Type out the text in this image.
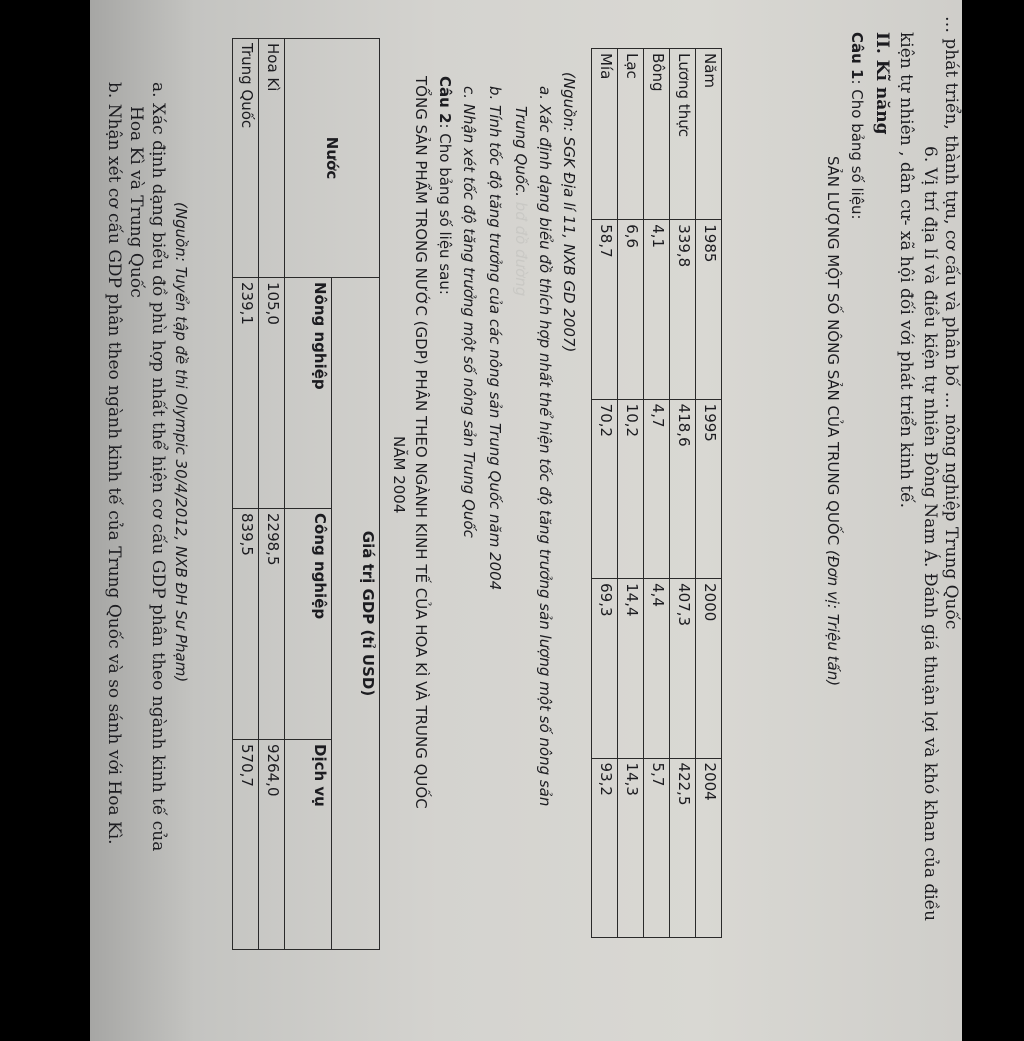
… phát triển, thành tựu, cơ cấu và phân bố … nông nghiệp Trung Quốc
6. Vị trí địa lí và điều kiện tự nhiên Đông Nam Á. Đánh giá thuận lợi và khó khan của điều
kiện tự nhiên , dân cư- xã hội đối với phát triển kinh tế.
II. Kĩ năng
Câu 1: Cho bảng số liệu:
SẢN LƯỢNG MỘT SỐ NÔNG SẢN CỦA TRUNG QUỐC (Đơn vị: Triệu tấn)
Năm	1985	1995	2000	2004
Lương thực	339,8	418,6	407,3	422,5
Bông	4,1	4,7	4,4	5,7
Lạc	6,6	10,2	14,4	14,3
Mía	58,7	70,2	69,3	93,2
(Nguồn: SGK Địa lí 11, NXB GD 2007)
a. Xác định dạng biểu đồ thích hợp nhất thể hiện tốc độ tăng trưởng sản lượng một số nông sản
Trung Quốc. bđ đồ đường
b. Tính tốc độ tăng trưởng của các nông sản Trung Quốc năm 2004
c. Nhận xét tốc độ tăng trưởng một số nông sản Trung Quốc
Câu 2: Cho bảng số liệu sau:
TỔNG SẢN PHẨM TRONG NƯỚC (GDP) PHÂN THEO NGÀNH KINH TẾ CỦA HOA KÌ VÀ TRUNG QUỐC
NĂM 2004
Nước	Giá trị GDP (tỉ USD)		
	Nông nghiệp	Công nghiệp	Dịch vụ
Hoa Kì	105,0	2298,5	9264,0
Trung Quốc	239,1	839,5	570,7
(Nguồn: Tuyển tập đề thi Olympic 30/4/2012, NXB ĐH Sư Phạm)
a. Xác định dạng biểu đồ phù hợp nhất thể hiện cơ cấu GDP phân theo ngành kinh tế của
Hoa Kì và Trung Quốc
b. Nhận xét cơ cấu GDP phân theo ngành kinh tế của Trung Quốc và so sánh với Hoa Kì.
